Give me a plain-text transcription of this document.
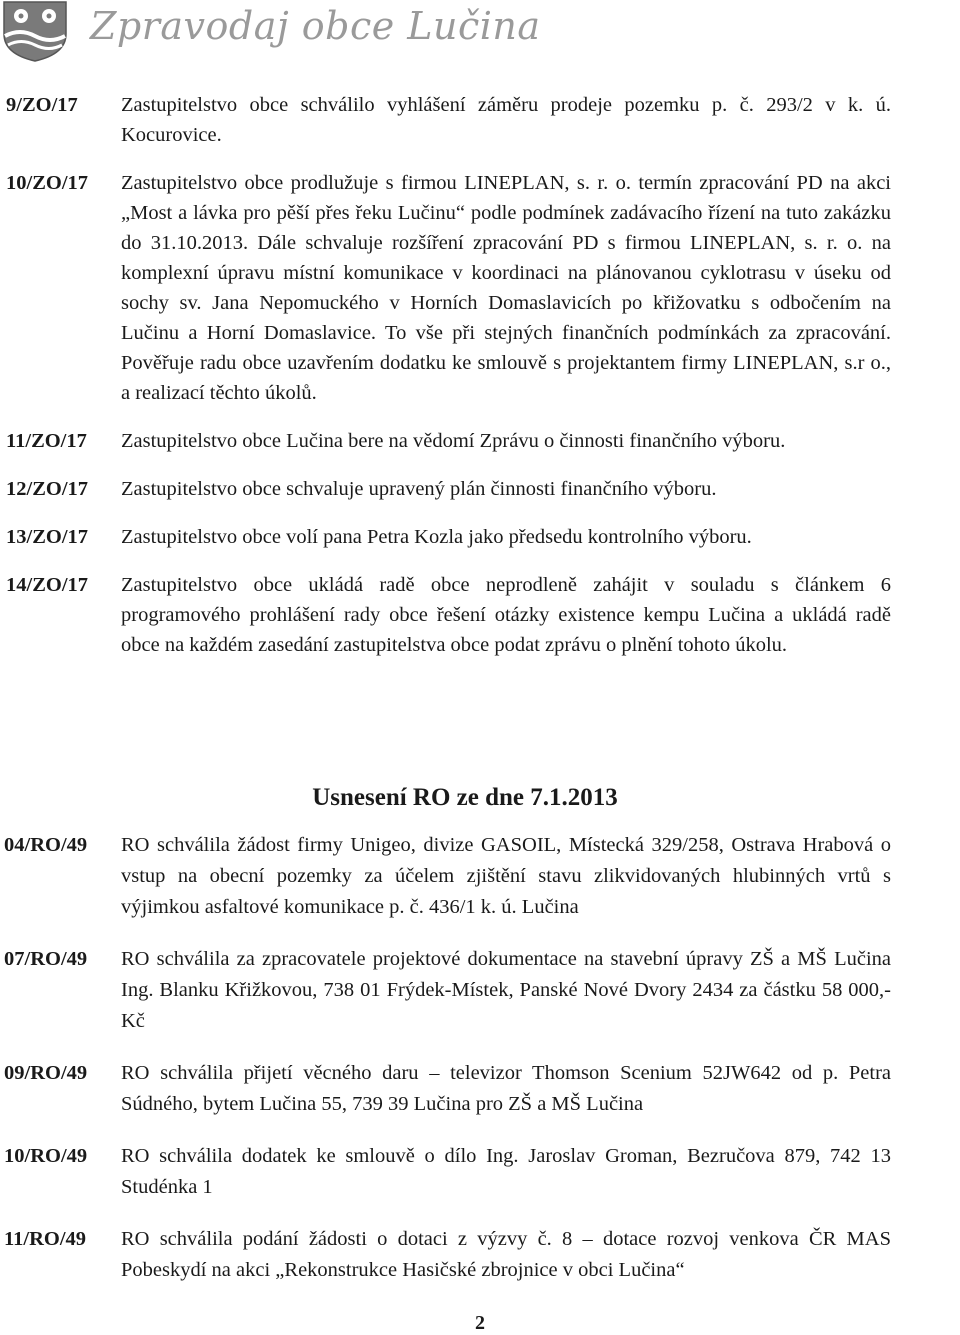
Zpravodaj obce Lučina
9/ZO/17	Zastupitelstvo obce schválilo vyhlášení záměru prodeje pozemku p. č. 293/2 v k. ú. Kocurovice.
10/ZO/17	Zastupitelstvo obce prodlužuje s firmou LINEPLAN, s. r. o. termín zpracování PD na akci „Most a lávka pro pěší přes řeku Lučinu“ podle podmínek zadávacího řízení na tuto zakázku do 31.10.2013. Dále schvaluje rozšíření zpracování PD s firmou LINEPLAN, s. r. o. na komplexní úpravu místní komunikace v koordinaci na plánovanou cyklotrasu v úseku od sochy sv. Jana Nepomuckého v Horních Domaslavicích po křižovatku s odbočením na Lučinu a Horní Domaslavice. To vše při stejných finančních podmínkách za zpracování. Pověřuje radu obce uzavřením dodatku ke smlouvě s projektantem firmy LINEPLAN, s.r o., a realizací těchto úkolů.
11/ZO/17	Zastupitelstvo obce Lučina bere na vědomí Zprávu o činnosti finančního výboru.
12/ZO/17	Zastupitelstvo obce schvaluje upravený plán činnosti finančního výboru.
13/ZO/17	Zastupitelstvo obce volí pana Petra Kozla jako předsedu kontrolního výboru.
14/ZO/17	Zastupitelstvo obce ukládá radě obce neprodleně zahájit v souladu s článkem 6 programového prohlášení rady obce řešení otázky existence kempu Lučina a ukládá radě obce na každém zasedání zastupitelstva obce podat zprávu o plnění tohoto úkolu.
Usnesení RO ze dne 7.1.2013
04/RO/49	RO schválila žádost firmy Unigeo, divize GASOIL, Místecká 329/258, Ostrava Hrabová o vstup na obecní pozemky za účelem zjištění stavu zlikvidovaných hlubinných vrtů s výjimkou asfaltové komunikace p. č. 436/1 k. ú. Lučina
07/RO/49	RO schválila za zpracovatele projektové dokumentace na stavební úpravy ZŠ a MŠ Lučina Ing. Blanku Křižkovou, 738 01 Frýdek-Místek, Panské Nové Dvory 2434 za částku 58 000,-Kč
09/RO/49	RO schválila přijetí věcného daru – televizor Thomson Scenium 52JW642 od p. Petra Súdného, bytem Lučina 55, 739 39 Lučina pro ZŠ a MŠ Lučina
10/RO/49	RO schválila dodatek ke smlouvě o dílo Ing. Jaroslav Groman, Bezručova 879, 742 13 Studénka 1
11/RO/49	RO schválila podání žádosti o dotaci z výzvy č. 8 – dotace rozvoj venkova ČR MAS Pobeskydí na akci „Rekonstrukce Hasičské zbrojnice v obci Lučina“
2
